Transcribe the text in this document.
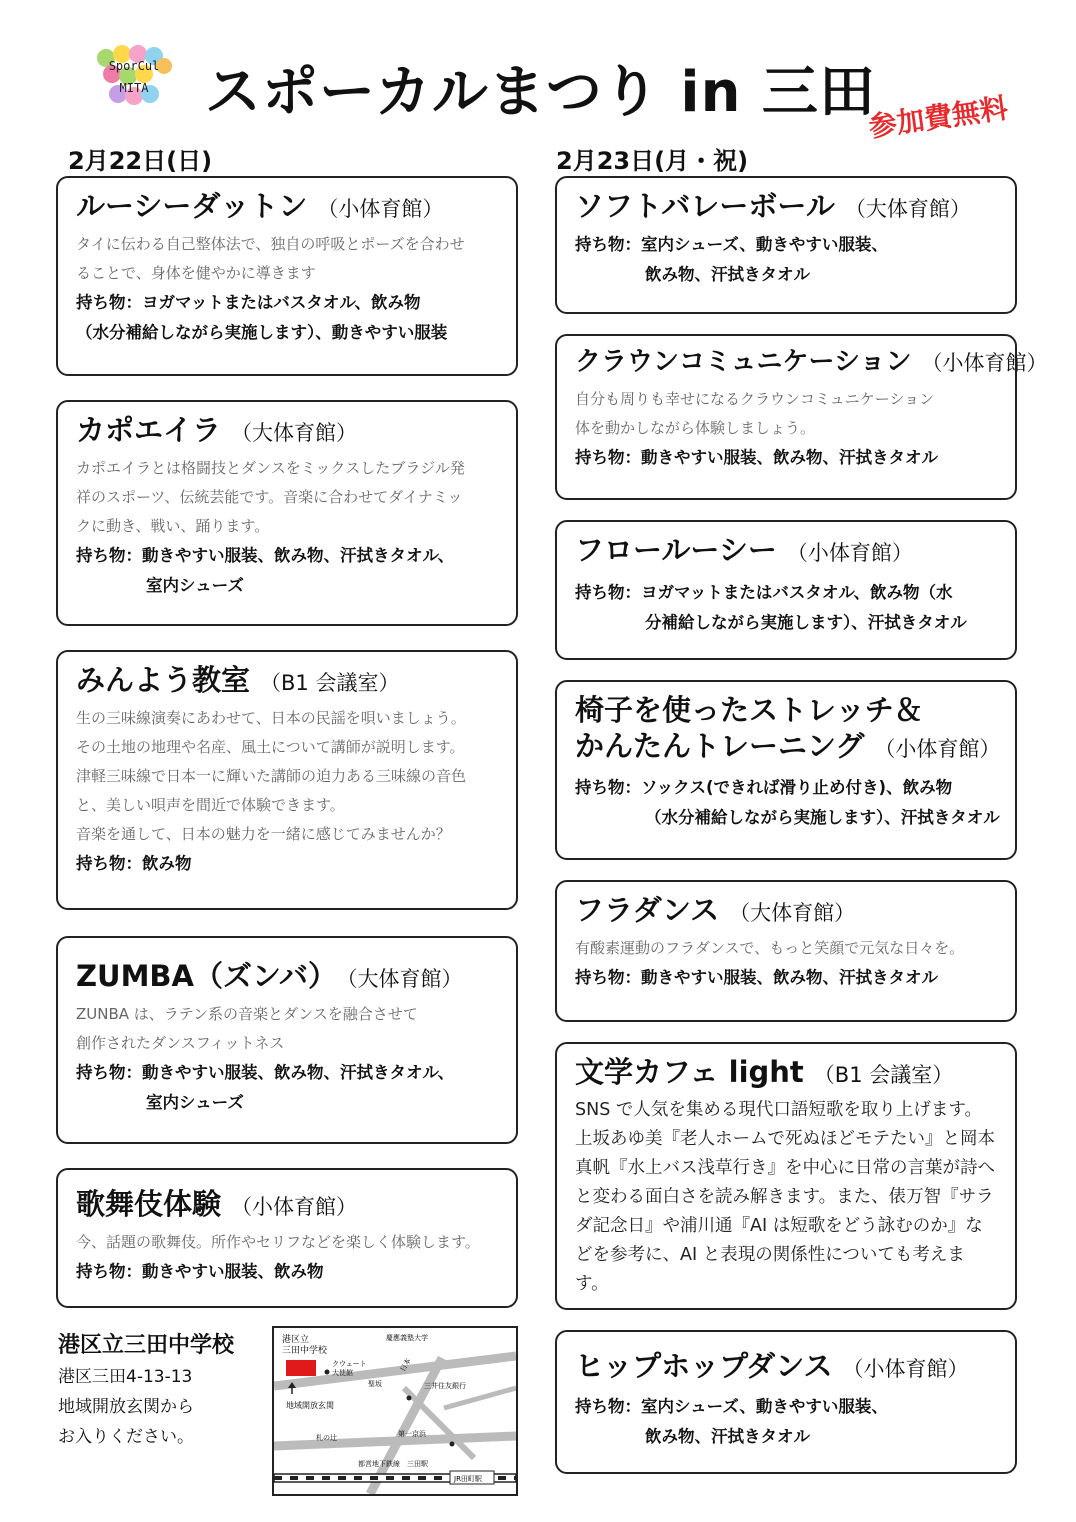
SporCul
MITA スポーカルまつり in 三田
参加費無料
2月22日(日)	2月23日(月・祝)
ルーシーダットン （小体育館）
タイに伝わる自己整体法で、独自の呼吸とポーズを合わせ
ることで、身体を健やかに導きます
持ち物：ヨガマットまたはバスタオル、飲み物
（水分補給しながら実施します）、動きやすい服装
カポエイラ （大体育館）
カポエイラとは格闘技とダンスをミックスしたブラジル発
祥のスポーツ、伝統芸能です。音楽に合わせてダイナミッ
クに動き、戦い、踊ります。
持ち物：動きやすい服装、飲み物、汗拭きタオル、
室内シューズ
みんよう教室 （B1 会議室）
生の三味線演奏にあわせて、日本の民謡を唄いましょう。
その土地の地理や名産、風土について講師が説明します。
津軽三味線で日本一に輝いた講師の迫力ある三味線の音色
と、美しい唄声を間近で体験できます。
音楽を通して、日本の魅力を一緒に感じてみませんか？
持ち物：飲み物
ZUMBA（ズンバ） （大体育館）
ZUNBA は、ラテン系の音楽とダンスを融合させて
創作されたダンスフィットネス
持ち物：動きやすい服装、飲み物、汗拭きタオル、
室内シューズ
歌舞伎体験 （小体育館）
今、話題の歌舞伎。所作やセリフなどを楽しく体験します。
持ち物：動きやすい服装、飲み物
ソフトバレーボール （大体育館）
持ち物：室内シューズ、動きやすい服装、
飲み物、汗拭きタオル
クラウンコミュニケーション （小体育館）
自分も周りも幸せになるクラウンコミュニケーション
体を動かしながら体験しましょう。
持ち物：動きやすい服装、飲み物、汗拭きタオル
フロールーシー （小体育館）
持ち物：ヨガマットまたはバスタオル、飲み物（水
分補給しながら実施します）、汗拭きタオル
椅子を使ったストレッチ＆
かんたんトレーニング （小体育館）
持ち物：ソックス(できれば滑り止め付き)、飲み物
（水分補給しながら実施します）、汗拭きタオル
フラダンス （大体育館）
有酸素運動のフラダンスで、もっと笑顔で元気な日々を。
持ち物：動きやすい服装、飲み物、汗拭きタオル
文学カフェ light （B1 会議室）
SNS で人気を集める現代口語短歌を取り上げます。
上坂あゆ美『老人ホームで死ぬほどモテたい』と岡本
真帆『水上バス浅草行き』を中心に日常の言葉が詩へ
と変わる面白さを読み解きます。また、俵万智『サラ
ダ記念日』や浦川通『AI は短歌をどう詠むのか』な
どを参考に、AI と表現の関係性についても考えます。
ヒップホップダンス （小体育館）
持ち物：室内シューズ、動きやすい服装、
飲み物、汗拭きタオル
港区立三田中学校
港区三田4-13-13
地域開放玄関から
お入りください。
港区立
三田中学校
クウェート
大使館
慶應義塾大学
聖坂
日本
三井住友銀行
地域開放玄関
札の辻	第一京浜
都営地下鉄線　三田駅
JR田町駅
